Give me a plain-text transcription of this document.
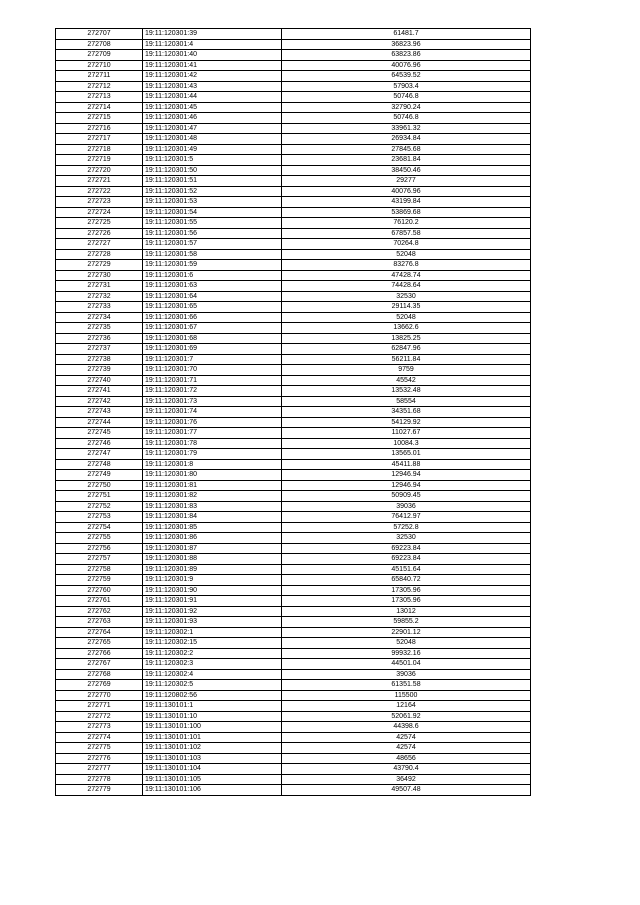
272707	19:11:120301:39	61481.7
272708	19:11:120301:4	36823.96
272709	19:11:120301:40	63823.86
272710	19:11:120301:41	40076.96
272711	19:11:120301:42	64539.52
272712	19:11:120301:43	57903.4
272713	19:11:120301:44	50746.8
272714	19:11:120301:45	32790.24
272715	19:11:120301:46	50746.8
272716	19:11:120301:47	33961.32
272717	19:11:120301:48	26934.84
272718	19:11:120301:49	27845.68
272719	19:11:120301:5	23681.84
272720	19:11:120301:50	38450.46
272721	19:11:120301:51	29277
272722	19:11:120301:52	40076.96
272723	19:11:120301:53	43199.84
272724	19:11:120301:54	53869.68
272725	19:11:120301:55	76120.2
272726	19:11:120301:56	67857.58
272727	19:11:120301:57	70264.8
272728	19:11:120301:58	52048
272729	19:11:120301:59	83276.8
272730	19:11:120301:6	47428.74
272731	19:11:120301:63	74428.64
272732	19:11:120301:64	32530
272733	19:11:120301:65	29114.35
272734	19:11:120301:66	52048
272735	19:11:120301:67	13662.6
272736	19:11:120301:68	13825.25
272737	19:11:120301:69	62847.96
272738	19:11:120301:7	56211.84
272739	19:11:120301:70	9759
272740	19:11:120301:71	45542
272741	19:11:120301:72	13532.48
272742	19:11:120301:73	58554
272743	19:11:120301:74	34351.68
272744	19:11:120301:76	54129.92
272745	19:11:120301:77	11027.67
272746	19:11:120301:78	10084.3
272747	19:11:120301:79	13565.01
272748	19:11:120301:8	45411.88
272749	19:11:120301:80	12946.94
272750	19:11:120301:81	12946.94
272751	19:11:120301:82	50909.45
272752	19:11:120301:83	39036
272753	19:11:120301:84	76412.97
272754	19:11:120301:85	57252.8
272755	19:11:120301:86	32530
272756	19:11:120301:87	69223.84
272757	19:11:120301:88	69223.84
272758	19:11:120301:89	45151.64
272759	19:11:120301:9	65840.72
272760	19:11:120301:90	17305.96
272761	19:11:120301:91	17305.96
272762	19:11:120301:92	13012
272763	19:11:120301:93	59855.2
272764	19:11:120302:1	22901.12
272765	19:11:120302:15	52048
272766	19:11:120302:2	99932.16
272767	19:11:120302:3	44501.04
272768	19:11:120302:4	39036
272769	19:11:120302:5	61351.58
272770	19:11:120802:56	115500
272771	19:11:130101:1	12164
272772	19:11:130101:10	52061.92
272773	19:11:130101:100	44398.6
272774	19:11:130101:101	42574
272775	19:11:130101:102	42574
272776	19:11:130101:103	48656
272777	19:11:130101:104	43790.4
272778	19:11:130101:105	36492
272779	19:11:130101:106	49507.48
